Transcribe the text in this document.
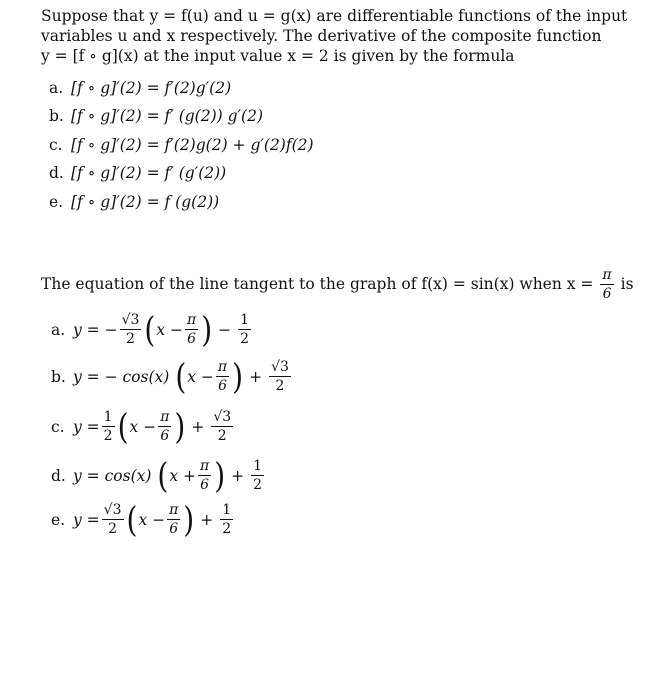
Suppose that y = f(u) and u = g(x) are differentiable functions of the input
variables u and x respectively. The derivative of the composite function
y = [f ∘ g](x) at the input value x = 2 is given by the formula
a. [f ∘ g]′(2) = f′(2)g′(2)
b. [f ∘ g]′(2) = f′ (g(2)) g′(2)
c. [f ∘ g]′(2) = f′(2)g(2) + g′(2)f(2)
d. [f ∘ g]′(2) = f′ (g′(2))
e. [f ∘ g]′(2) = f (g(2))
The equation of the line tangent to the graph of f(x) = sin(x) when $x = \frac{\pi}{6}$ is
a. y = − $\frac{√3}{2}$ ( $x - \frac{\pi}{6}$ ) − $\frac{1}{2}$
b. y = − cos(x) ( $x - \frac{\pi}{6}$ ) + $\frac{√3}{2}$
c. $y = \frac{1}{2}$ ( $x - \frac{\pi}{6}$ ) + $\frac{√3}{2}$
d. y = cos(x) ( $x + \frac{\pi}{6}$ ) + $\frac{1}{2}$
e. $y = \frac{√3}{2}$ ( $x - \frac{\pi}{6}$ ) + $\frac{1}{2}$
